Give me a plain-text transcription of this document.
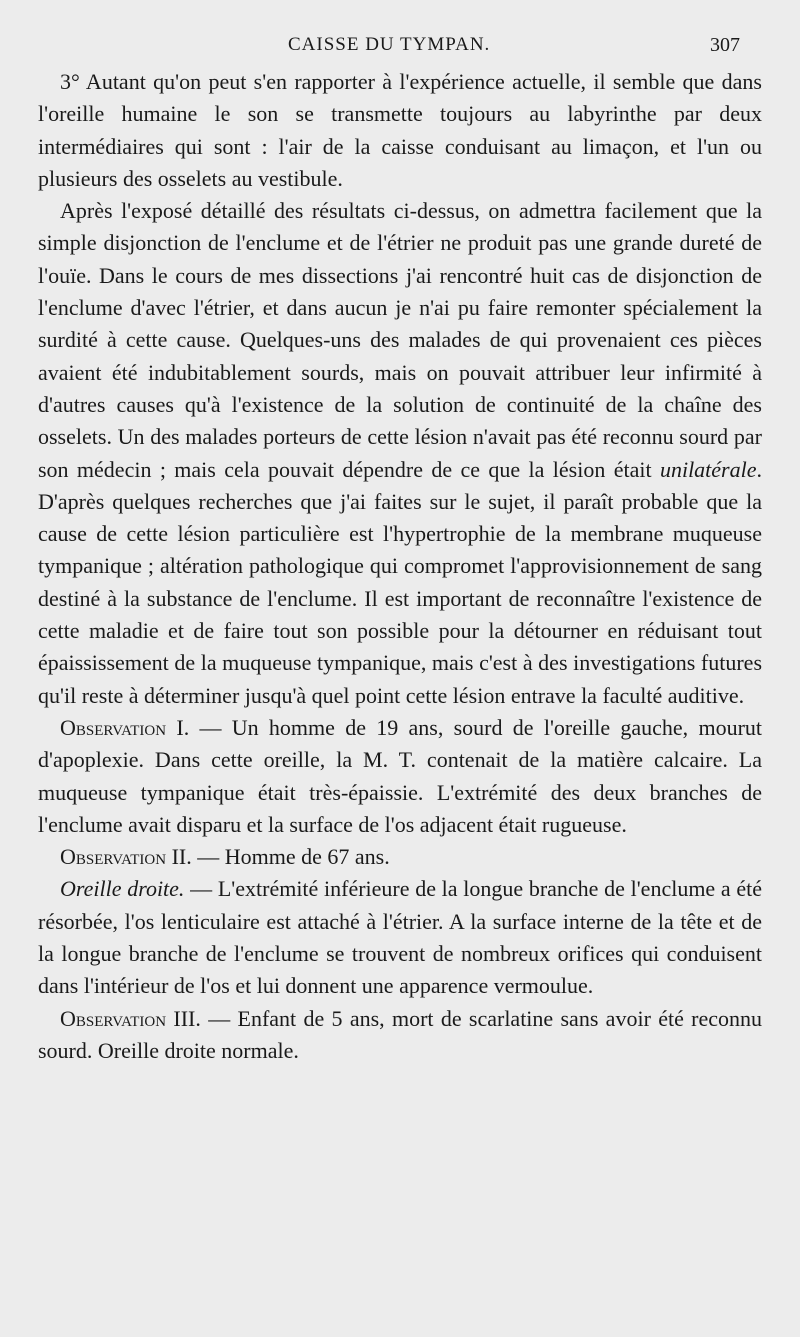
CAISSE DU TYMPAN.	307

3° Autant qu'on peut s'en rapporter à l'expérience actuelle, il semble que dans l'oreille humaine le son se transmette toujours au labyrinthe par deux intermédiaires qui sont : l'air de la caisse conduisant au limaçon, et l'un ou plusieurs des osselets au vestibule.

Après l'exposé détaillé des résultats ci-dessus, on admettra facilement que la simple disjonction de l'enclume et de l'étrier ne produit pas une grande dureté de l'ouïe. Dans le cours de mes dissections j'ai rencontré huit cas de disjonction de l'enclume d'avec l'étrier, et dans aucun je n'ai pu faire remonter spécialement la surdité à cette cause. Quelques-uns des malades de qui provenaient ces pièces avaient été indubitablement sourds, mais on pouvait attribuer leur infirmité à d'autres causes qu'à l'existence de la solution de continuité de la chaîne des osselets. Un des malades porteurs de cette lésion n'avait pas été reconnu sourd par son médecin ; mais cela pouvait dépendre de ce que la lésion était unilatérale. D'après quelques recherches que j'ai faites sur le sujet, il paraît probable que la cause de cette lésion particulière est l'hypertrophie de la membrane muqueuse tympanique ; altération pathologique qui compromet l'approvisionnement de sang destiné à la substance de l'enclume. Il est important de reconnaître l'existence de cette maladie et de faire tout son possible pour la détourner en réduisant tout épaississement de la muqueuse tympanique, mais c'est à des investigations futures qu'il reste à déterminer jusqu'à quel point cette lésion entrave la faculté auditive.

Observation I. — Un homme de 19 ans, sourd de l'oreille gauche, mourut d'apoplexie. Dans cette oreille, la M. T. contenait de la matière calcaire. La muqueuse tympanique était très-épaissie. L'extrémité des deux branches de l'enclume avait disparu et la surface de l'os adjacent était rugueuse.

Observation II. — Homme de 67 ans.

Oreille droite. — L'extrémité inférieure de la longue branche de l'enclume a été résorbée, l'os lenticulaire est attaché à l'étrier. A la surface interne de la tête et de la longue branche de l'enclume se trouvent de nombreux orifices qui conduisent dans l'intérieur de l'os et lui donnent une apparence vermoulue.

Observation III. — Enfant de 5 ans, mort de scarlatine sans avoir été reconnu sourd. Oreille droite normale.
